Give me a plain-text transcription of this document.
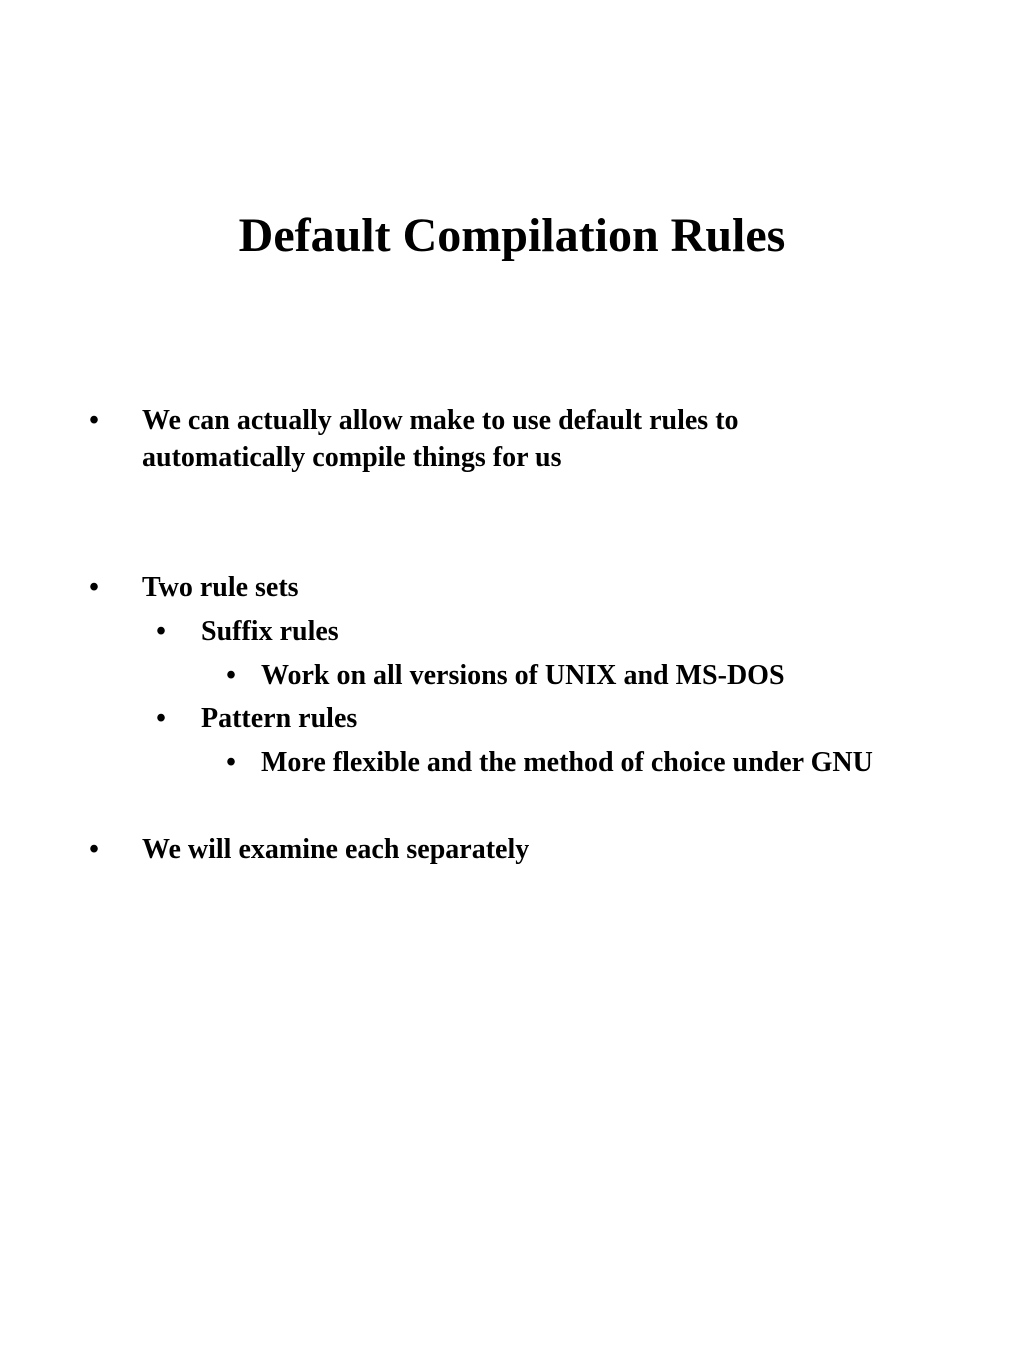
Default Compilation Rules
• We can actually allow make to use default rules to
automatically compile things for us
• Two rule sets
• Suffix rules
• Work on all versions of UNIX and MS-DOS
• Pattern rules
• More flexible and the method of choice under GNU
• We will examine each separately
